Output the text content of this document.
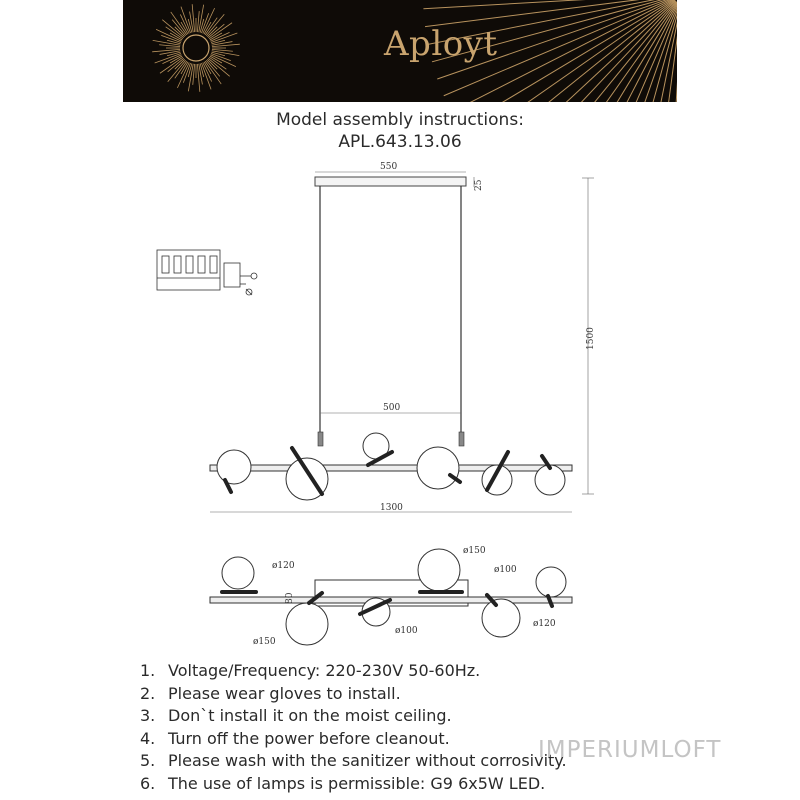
Aployt
Model assembly instructions:
APL.643.13.06
550
25
500
1500
1300
80
ø120
ø150
ø100
ø150
ø100
ø120
1. Voltage/Frequency: 220-230V 50-60Hz.
2. Please wear gloves to install.
3. Don`t install it on the moist ceiling.
4. Turn off the power before cleanout.
5. Please wash with the sanitizer without corrosivity.
6. The use of lamps is permissible: G9 6x5W LED.
IMPERIUMLOFT
